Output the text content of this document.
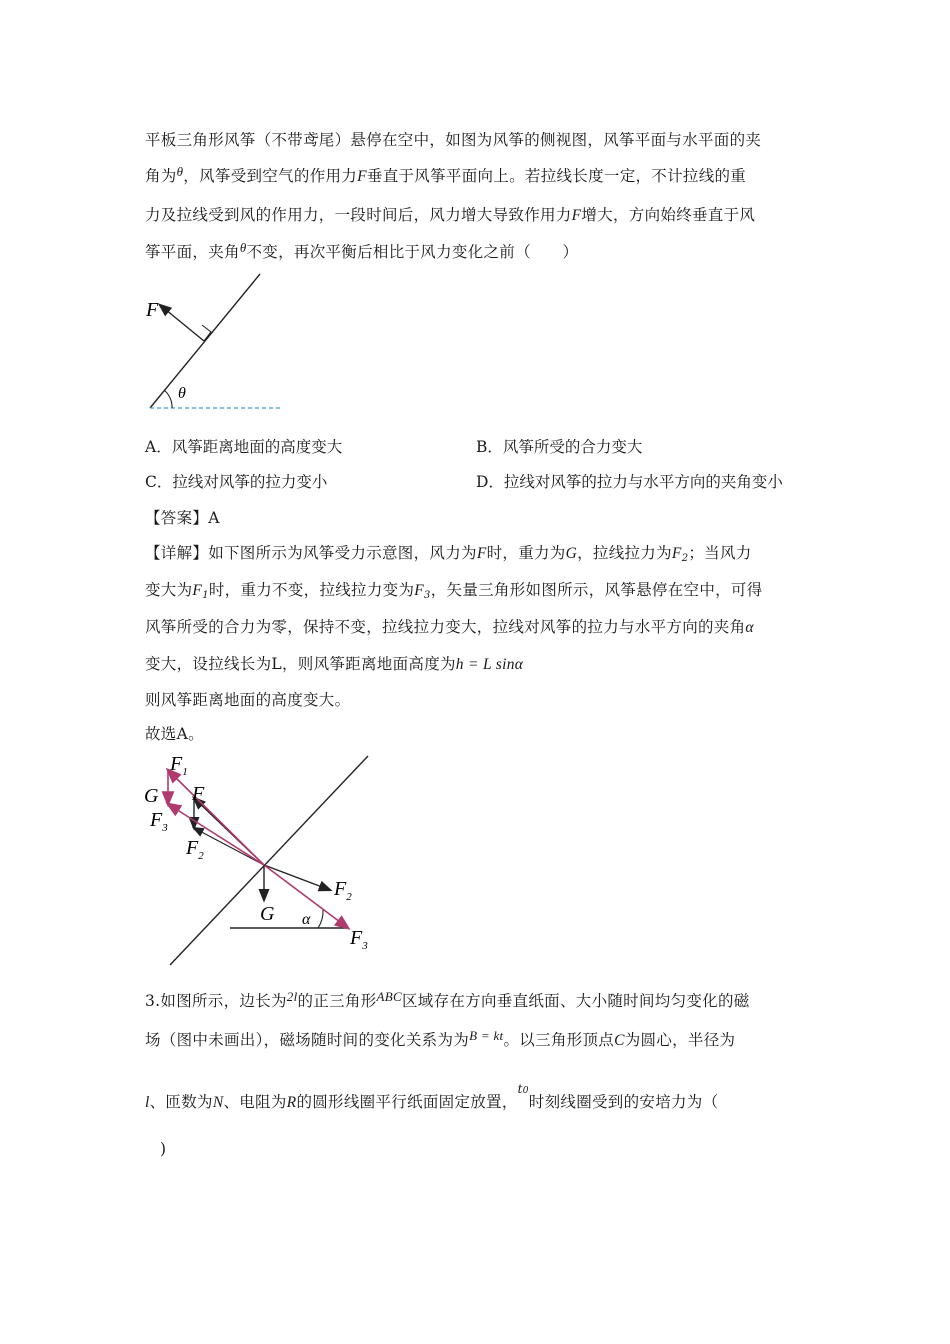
平板三角形风筝（不带鸢尾）悬停在空中，如图为风筝的侧视图，风筝平面与水平面的夹
角为$^\theta$，风筝受到空气的作用力F垂直于风筝平面向上。若拉线长度一定，不计拉线的重
力及拉线受到风的作用力，一段时间后，风力增大导致作用力F增大，方向始终垂直于风
筝平面，夹角$^\theta$不变，再次平衡后相比于风力变化之前（　　）
F
θ
A．风筝距离地面的高度变大	B．风筝所受的合力变大
C．拉线对风筝的拉力变小	D．拉线对风筝的拉力与水平方向的夹角变小
【答案】A
【详解】如下图所示为风筝受力示意图，风力为F时，重力为G，拉线拉力为$F_2$；当风力
变大为$F_1$时，重力不变，拉线拉力变为$F_3$，矢量三角形如图所示，风筝悬停在空中，可得
风筝所受的合力为零，保持不变，拉线拉力变大，拉线对风筝的拉力与水平方向的夹角α
变大，设拉线长为L，则风筝距离地面高度为h = L sinα
则风筝距离地面的高度变大。
故选A。
$F_1$
G F
$F_3$
$F_2$
$F_2$
G α
$F_3$
3.如图所示，边长为$^{2l}$的正三角形$^{ABC}$区域存在方向垂直纸面、大小随时间均匀变化的磁
场（图中未画出），磁场随时间的变化关系为为$^{B = kt}$。以三角形顶点C为圆心，半径为
l、匝数为N、电阻为R的圆形线圈平行纸面固定放置，$^{t0}$时刻线圈受到的安培力为（
)
